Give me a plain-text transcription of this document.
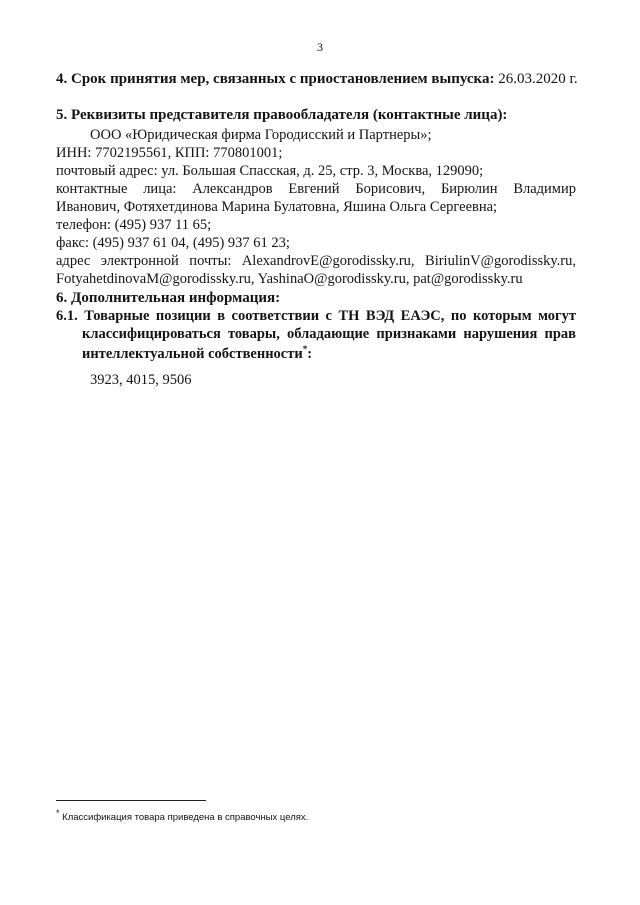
3
4. Срок принятия мер, связанных с приостановлением выпуска: 26.03.2020 г.
5. Реквизиты представителя правообладателя (контактные лица):
ООО «Юридическая фирма Городисский и Партнеры»;
ИНН: 7702195561, КПП: 770801001;
почтовый адрес: ул. Большая Спасская, д. 25, стр. 3, Москва, 129090;
контактные лица: Александров Евгений Борисович, Бирюлин Владимир
Иванович, Фотяхетдинова Марина Булатовна, Яшина Ольга Сергеевна;
телефон: (495) 937 11 65;
факс: (495) 937 61 04, (495) 937 61 23;
адрес электронной почты: AlexandrovE@gorodissky.ru, BiriulinV@gorodissky.ru,
FotyahetdinovaM@gorodissky.ru, YashinaO@gorodissky.ru, pat@gorodissky.ru
6. Дополнительная информация:
6.1. Товарные позиции в соответствии с ТН ВЭД ЕАЭС, по которым могут
классифицироваться товары, обладающие признаками нарушения прав
интеллектуальной собственности*:
3923, 4015, 9506
* Классификация товара приведена в справочных целях.
